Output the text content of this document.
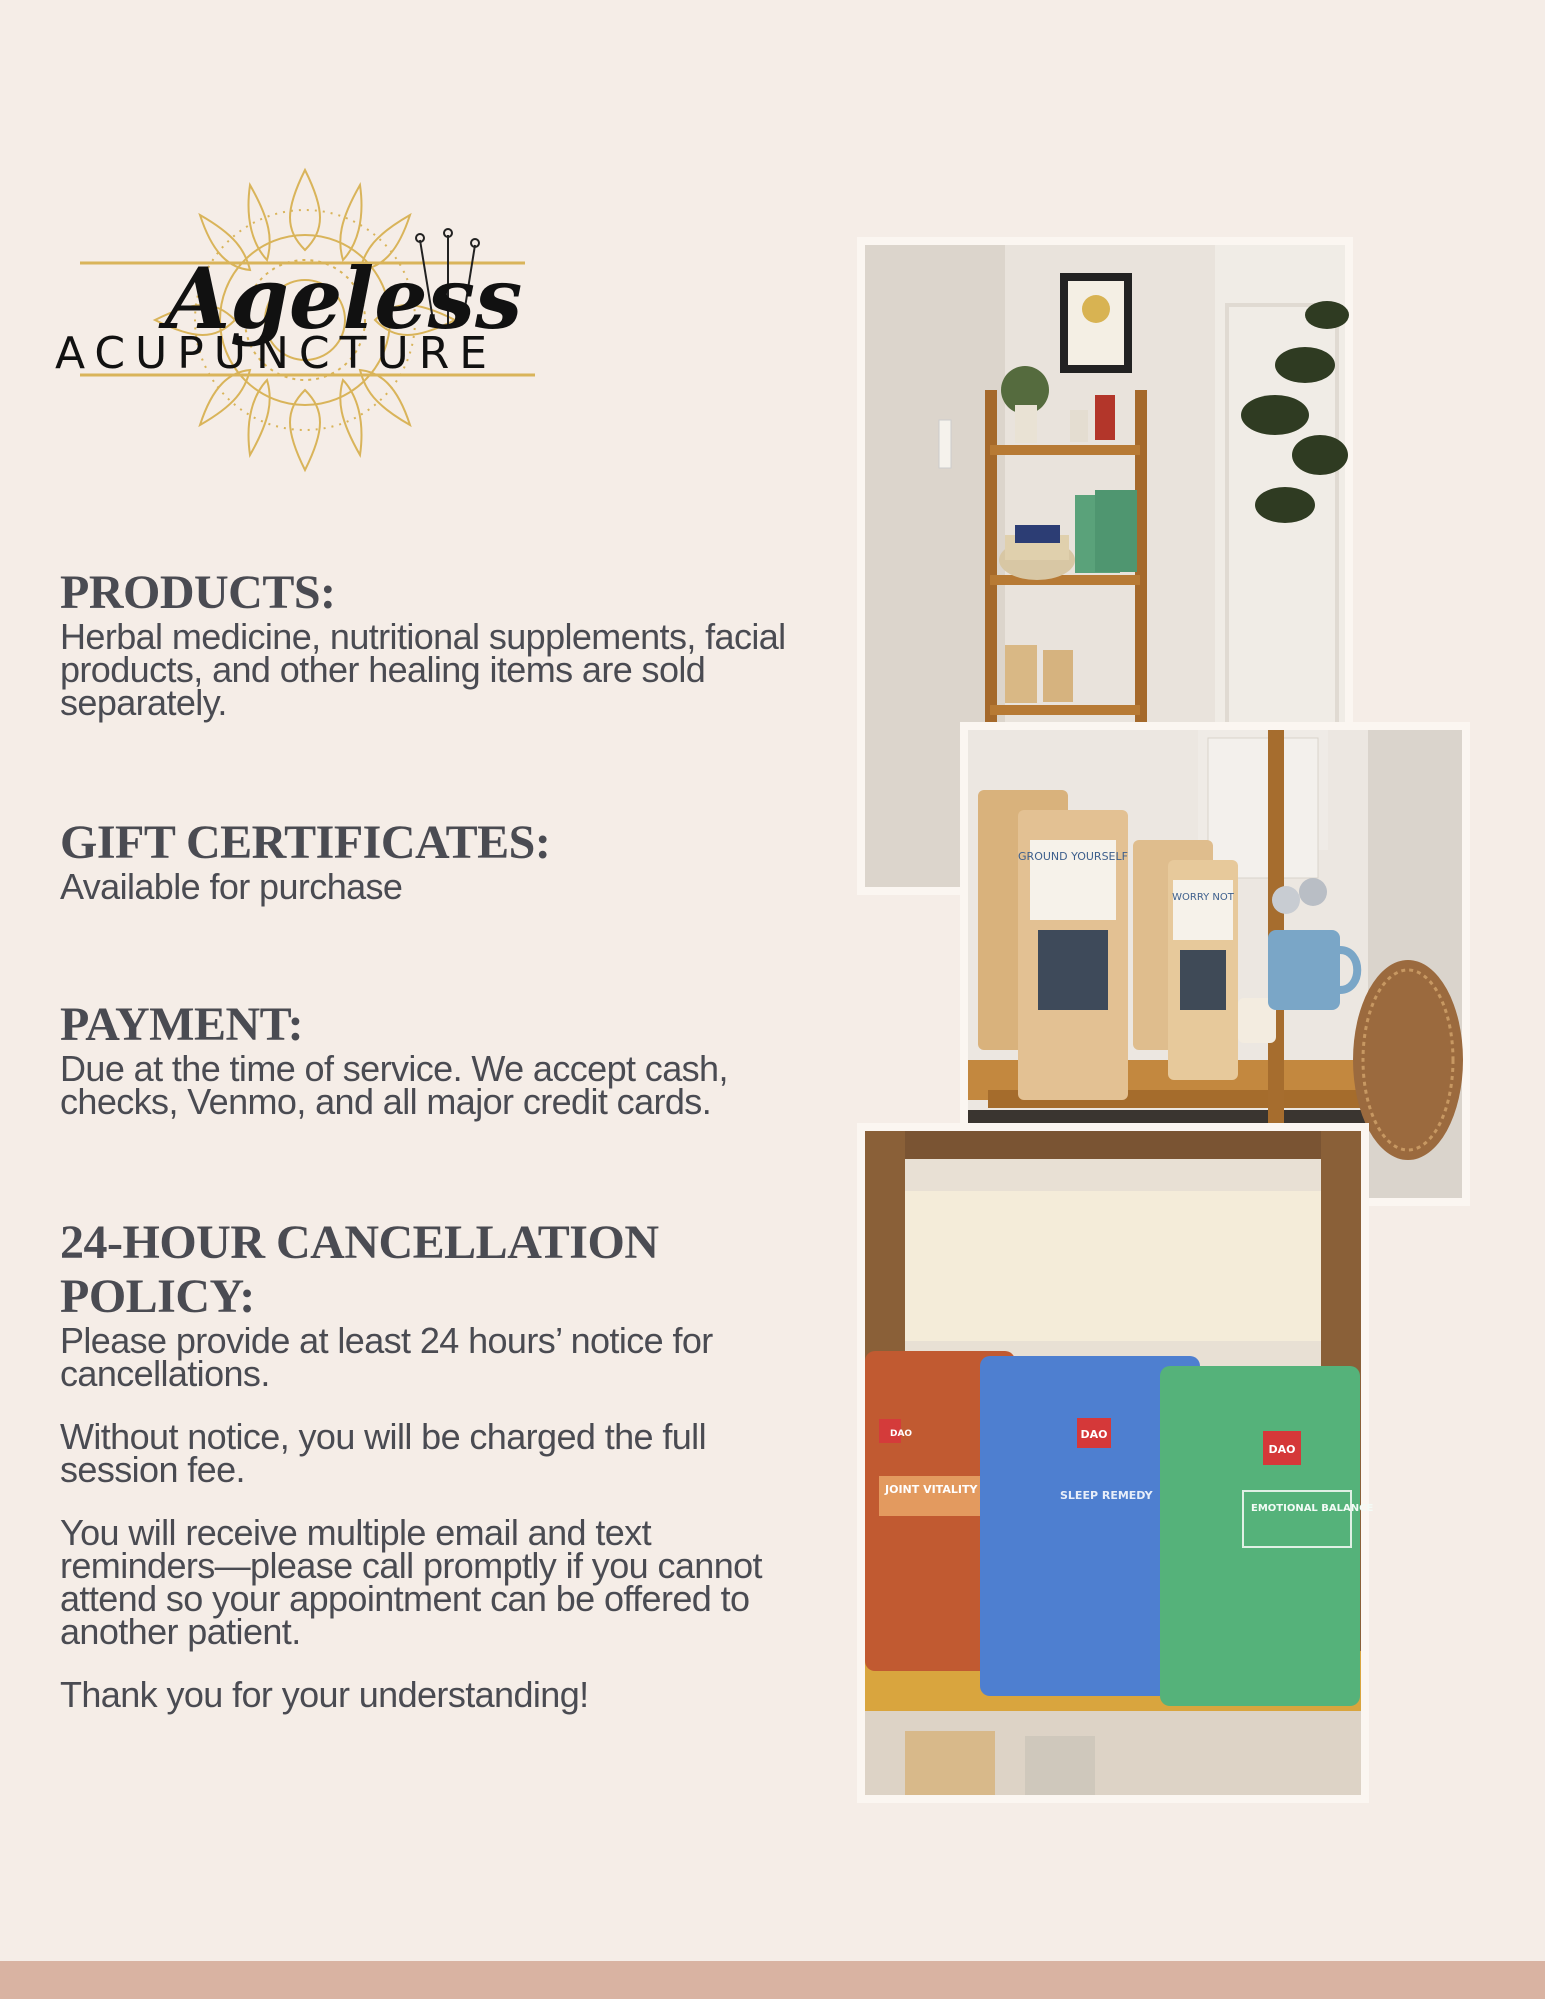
Ageless
ACUPUNCTURE
PRODUCTS:

Herbal medicine, nutritional supplements, facial products, and other healing items are sold separately.

GIFT CERTIFICATES:

Available for purchase

PAYMENT:

Due at the time of service. We accept cash, checks, Venmo, and all major credit cards.

24-HOUR CANCELLATION POLICY:

Please provide at least 24 hours’ notice for cancellations.

Without notice, you will be charged the full session fee.

You will receive multiple email and text reminders—please call promptly if you cannot attend so your appointment can be offered to another patient.

Thank you for your understanding!

GROUND YOURSELF
WORRY NOT
JOINT VITALITY
DAO	DAO
SLEEP REMEDY
DAO
EMOTIONAL BALANCE
